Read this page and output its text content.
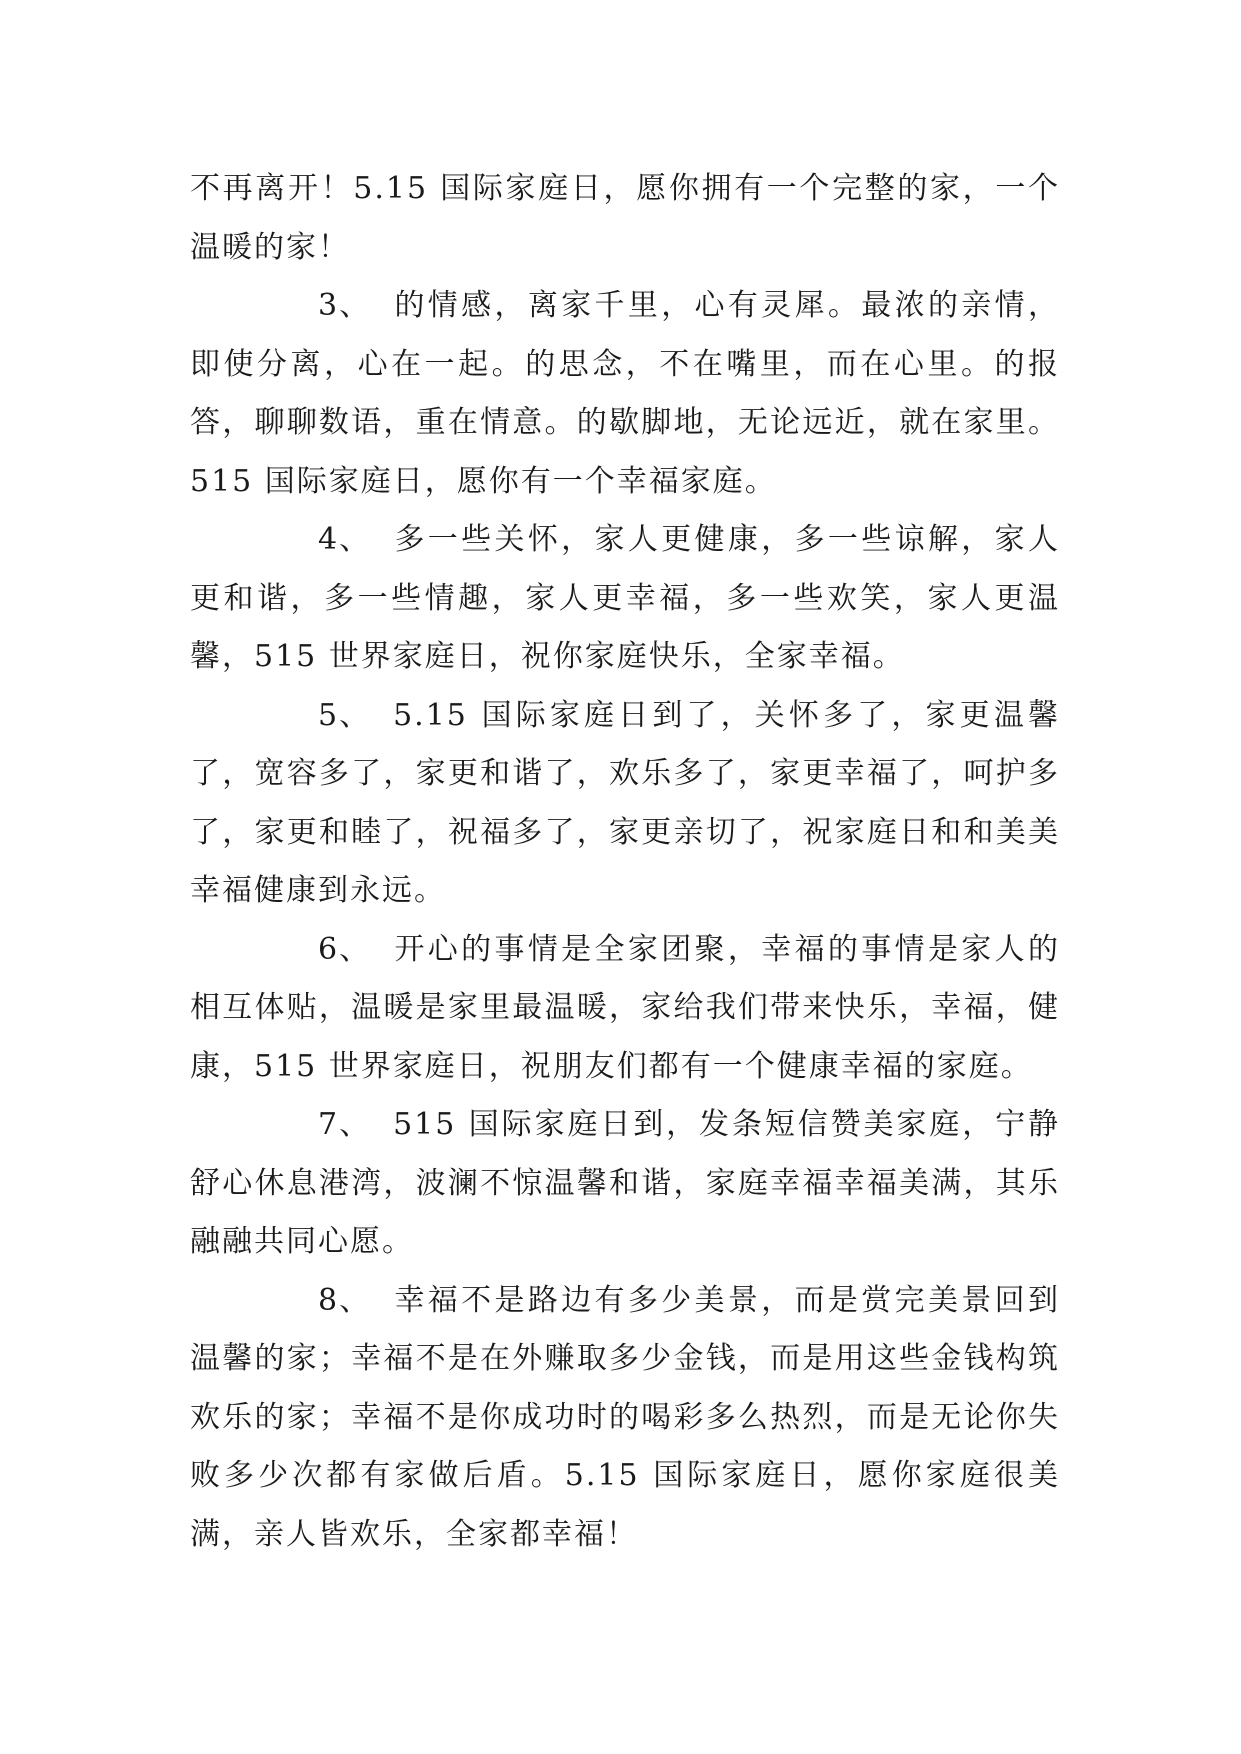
不再离开！5.15 国际家庭日，愿你拥有一个完整的家，一个温暖的家！

3、 的情感，离家千里，心有灵犀。最浓的亲情，即使分离，心在一起。的思念，不在嘴里，而在心里。的报答，聊聊数语，重在情意。的歇脚地，无论远近，就在家里。515 国际家庭日，愿你有一个幸福家庭。

4、 多一些关怀，家人更健康，多一些谅解，家人更和谐，多一些情趣，家人更幸福，多一些欢笑，家人更温馨，515 世界家庭日，祝你家庭快乐，全家幸福。

5、 5.15 国际家庭日到了，关怀多了，家更温馨了，宽容多了，家更和谐了，欢乐多了，家更幸福了，呵护多了，家更和睦了，祝福多了，家更亲切了，祝家庭日和和美美幸福健康到永远。

6、 开心的事情是全家团聚，幸福的事情是家人的相互体贴，温暖是家里最温暖，家给我们带来快乐，幸福，健康，515 世界家庭日，祝朋友们都有一个健康幸福的家庭。

7、 515 国际家庭日到，发条短信赞美家庭，宁静舒心休息港湾，波澜不惊温馨和谐，家庭幸福幸福美满，其乐融融共同心愿。

8、 幸福不是路边有多少美景，而是赏完美景回到温馨的家；幸福不是在外赚取多少金钱，而是用这些金钱构筑欢乐的家；幸福不是你成功时的喝彩多么热烈，而是无论你失败多少次都有家做后盾。5.15 国际家庭日，愿你家庭很美满，亲人皆欢乐，全家都幸福！
